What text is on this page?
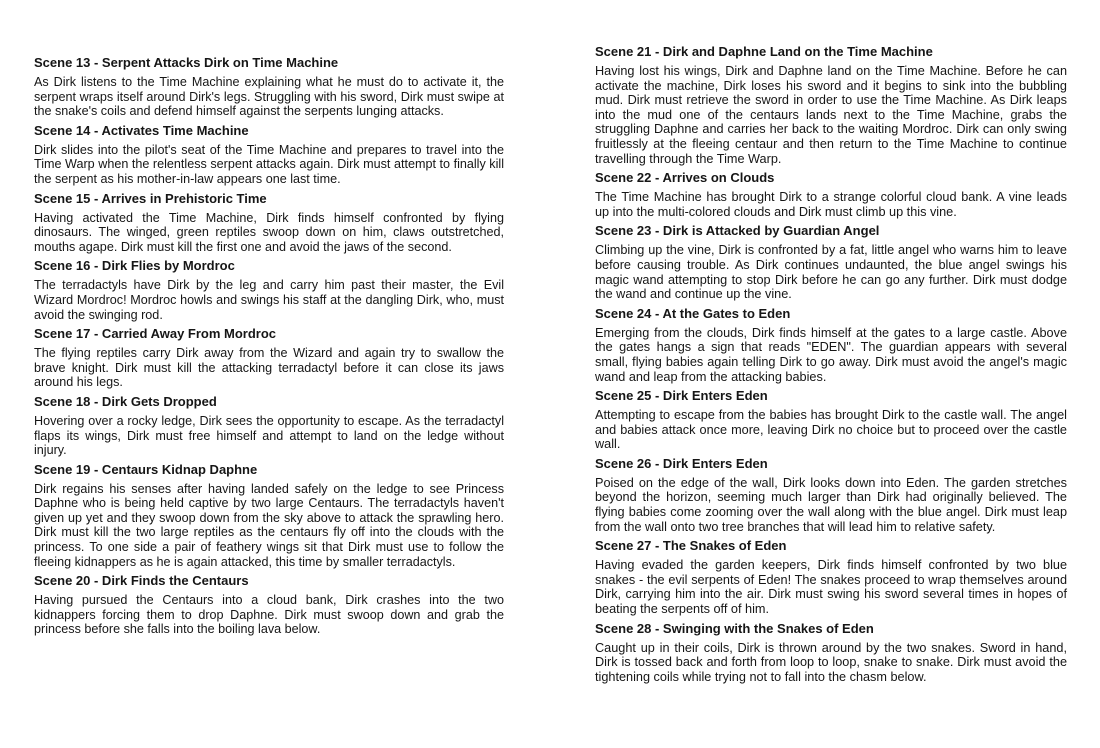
Scene 13 - Serpent Attacks Dirk on Time Machine

As Dirk listens to the Time Machine explaining what he must do to activate it, the serpent wraps itself around Dirk's legs. Struggling with his sword, Dirk must swipe at the snake's coils and defend himself against the serpents lunging attacks.

Scene 14 - Activates Time Machine

Dirk slides into the pilot's seat of the Time Machine and prepares to travel into the Time Warp when the relentless serpent attacks again. Dirk must attempt to finally kill the serpent as his mother-in-law appears one last time.

Scene 15 - Arrives in Prehistoric Time

Having activated the Time Machine, Dirk finds himself confronted by flying dinosaurs. The winged, green reptiles swoop down on him, claws outstretched, mouths agape. Dirk must kill the first one and avoid the jaws of the second.

Scene 16 - Dirk Flies by Mordroc

The terradactyls have Dirk by the leg and carry him past their master, the Evil Wizard Mordroc! Mordroc howls and swings his staff at the dangling Dirk, who, must avoid the swinging rod.

Scene 17 - Carried Away From Mordroc

The flying reptiles carry Dirk away from the Wizard and again try to swallow the brave knight. Dirk must kill the attacking terradactyl before it can close its jaws around his legs.

Scene 18 - Dirk Gets Dropped

Hovering over a rocky ledge, Dirk sees the opportunity to escape. As the terradactyl flaps its wings, Dirk must free himself and attempt to land on the ledge without injury.

Scene 19 - Centaurs Kidnap Daphne

Dirk regains his senses after having landed safely on the ledge to see Princess Daphne who is being held captive by two large Centaurs. The terradactyls haven't given up yet and they swoop down from the sky above to attack the sprawling hero. Dirk must kill the two large reptiles as the centaurs fly off into the clouds with the princess. To one side a pair of feathery wings sit that Dirk must use to follow the fleeing kidnappers as he is again attacked, this time by smaller terradactyls.

Scene 20 - Dirk Finds the Centaurs

Having pursued the Centaurs into a cloud bank, Dirk crashes into the two kidnappers forcing them to drop Daphne. Dirk must swoop down and grab the princess before she falls into the boiling lava below.

Scene 21 - Dirk and Daphne Land on the Time Machine

Having lost his wings, Dirk and Daphne land on the Time Machine. Before he can activate the machine, Dirk loses his sword and it begins to sink into the bubbling mud. Dirk must retrieve the sword in order to use the Time Machine. As Dirk leaps into the mud one of the centaurs lands next to the Time Machine, grabs the struggling Daphne and carries her back to the waiting Mordroc. Dirk can only swing fruitlessly at the fleeing centaur and then return to the Time Machine to continue travelling through the Time Warp.

Scene 22 - Arrives on Clouds

The Time Machine has brought Dirk to a strange colorful cloud bank. A vine leads up into the multi-colored clouds and Dirk must climb up this vine.

Scene 23 - Dirk is Attacked by Guardian Angel

Climbing up the vine, Dirk is confronted by a fat, little angel who warns him to leave before causing trouble. As Dirk continues undaunted, the blue angel swings his magic wand attempting to stop Dirk before he can go any further. Dirk must dodge the wand and continue up the vine.

Scene 24 - At the Gates to Eden

Emerging from the clouds, Dirk finds himself at the gates to a large castle. Above the gates hangs a sign that reads "EDEN". The guardian appears with several small, flying babies again telling Dirk to go away. Dirk must avoid the angel's magic wand and leap from the attacking babies.

Scene 25 - Dirk Enters Eden

Attempting to escape from the babies has brought Dirk to the castle wall. The angel and babies attack once more, leaving Dirk no choice but to proceed over the castle wall.

Scene 26 - Dirk Enters Eden

Poised on the edge of the wall, Dirk looks down into Eden. The garden stretches beyond the horizon, seeming much larger than Dirk had originally believed. The flying babies come zooming over the wall along with the blue angel. Dirk must leap from the wall onto two tree branches that will lead him to relative safety.

Scene 27 - The Snakes of Eden

Having evaded the garden keepers, Dirk finds himself confronted by two blue snakes - the evil serpents of Eden! The snakes proceed to wrap themselves around Dirk, carrying him into the air. Dirk must swing his sword several times in hopes of beating the serpents off of him.

Scene 28 - Swinging with the Snakes of Eden

Caught up in their coils, Dirk is thrown around by the two snakes. Sword in hand, Dirk is tossed back and forth from loop to loop, snake to snake. Dirk must avoid the tightening coils while trying not to fall into the chasm below.
